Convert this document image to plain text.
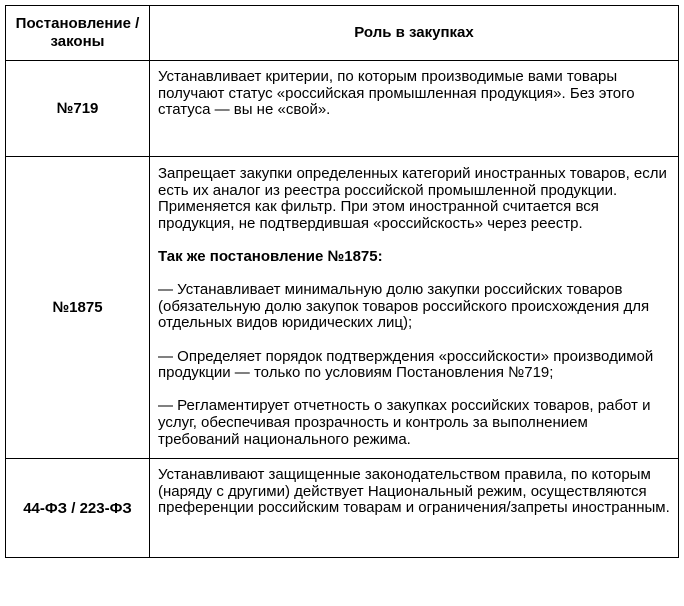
Постановление / законы	Роль в закупках
№719	Устанавливает критерии, по которым производимые вами товары получают статус «российская промышленная продукция». Без этого статуса — вы не «свой».

№1875	Запрещает закупки определенных категорий иностранных товаров, если есть их аналог из реестра российской промышленной продукции. Применяется как фильтр. При этом иностранной считается вся продукция, не подтвердившая «российскость» через реестр.

Так же постановление №1875:

— Устанавливает минимальную долю закупки российских товаров (обязательную долю закупок товаров российского происхождения для отдельных видов юридических лиц);

— Определяет порядок подтверждения «российскости» производимой продукции — только по условиям Постановления №719;

— Регламентирует отчетность о закупках российских товаров, работ и услуг, обеспечивая прозрачность и контроль за выполнением требований национального режима.

44-ФЗ / 223-ФЗ	Устанавливают защищенные законодательством правила, по которым (наряду с другими) действует Национальный режим, осуществляются преференции российским товарам и ограничения/запреты иностранным.
